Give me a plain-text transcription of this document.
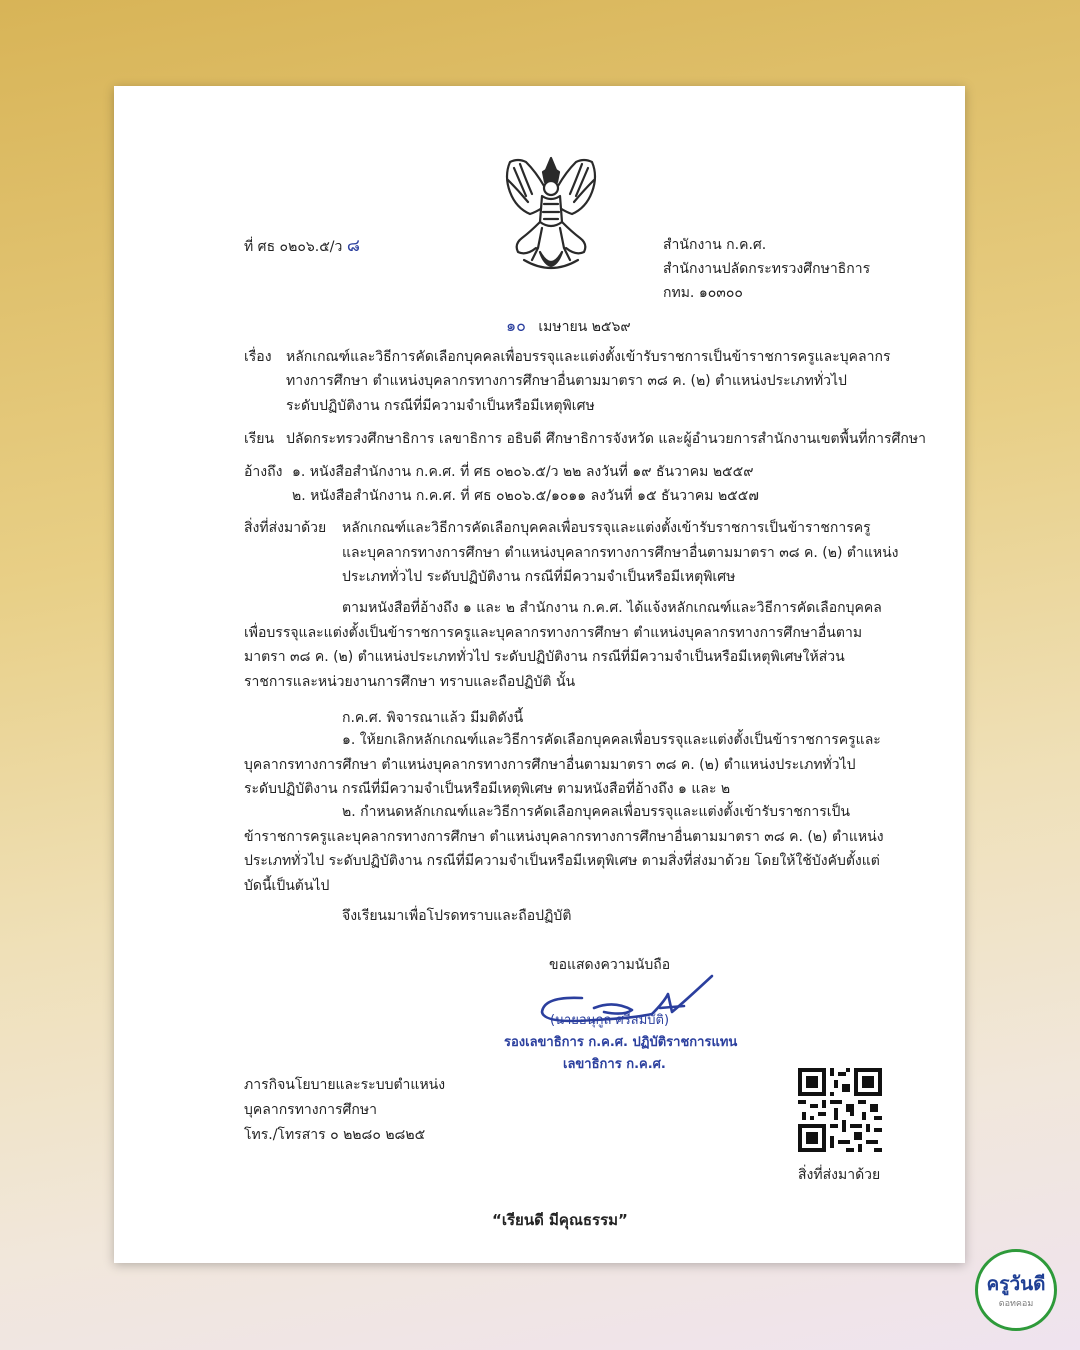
ที่ ศธ ๐๒๐๖.๕/ว ๘	สำนักงาน ก.ค.ศ.
สำนักงานปลัดกระทรวงศึกษาธิการ
กทม. ๑๐๓๐๐
๑๐ เมษายน ๒๕๖๙
เรื่อง หลักเกณฑ์และวิธีการคัดเลือกบุคคลเพื่อบรรจุและแต่งตั้งเข้ารับราชการเป็นข้าราชการครูและบุคลากร
ทางการศึกษา ตำแหน่งบุคลากรทางการศึกษาอื่นตามมาตรา ๓๘ ค. (๒) ตำแหน่งประเภททั่วไป
ระดับปฏิบัติงาน กรณีที่มีความจำเป็นหรือมีเหตุพิเศษ
เรียน ปลัดกระทรวงศึกษาธิการ เลขาธิการ อธิบดี ศึกษาธิการจังหวัด และผู้อำนวยการสำนักงานเขตพื้นที่การศึกษา
อ้างถึง ๑. หนังสือสำนักงาน ก.ค.ศ. ที่ ศธ ๐๒๐๖.๕/ว ๒๒ ลงวันที่ ๑๙ ธันวาคม ๒๕๕๙
๒. หนังสือสำนักงาน ก.ค.ศ. ที่ ศธ ๐๒๐๖.๕/๑๐๑๑ ลงวันที่ ๑๕ ธันวาคม ๒๕๕๗
สิ่งที่ส่งมาด้วย หลักเกณฑ์และวิธีการคัดเลือกบุคคลเพื่อบรรจุและแต่งตั้งเข้ารับราชการเป็นข้าราชการครู
และบุคลากรทางการศึกษา ตำแหน่งบุคลากรทางการศึกษาอื่นตามมาตรา ๓๘ ค. (๒) ตำแหน่ง
ประเภททั่วไป ระดับปฏิบัติงาน กรณีที่มีความจำเป็นหรือมีเหตุพิเศษ
ตามหนังสือที่อ้างถึง ๑ และ ๒ สำนักงาน ก.ค.ศ. ได้แจ้งหลักเกณฑ์และวิธีการคัดเลือกบุคคลเพื่อบรรจุและแต่งตั้งเป็นข้าราชการครูและบุคลากรทางการศึกษา ตำแหน่งบุคลากรทางการศึกษาอื่นตามมาตรา ๓๘ ค. (๒) ตำแหน่งประเภททั่วไป ระดับปฏิบัติงาน กรณีที่มีความจำเป็นหรือมีเหตุพิเศษให้ส่วนราชการและหน่วยงานการศึกษา ทราบและถือปฏิบัติ นั้น
ก.ค.ศ. พิจารณาแล้ว มีมติดังนี้
๑. ให้ยกเลิกหลักเกณฑ์และวิธีการคัดเลือกบุคคลเพื่อบรรจุและแต่งตั้งเป็นข้าราชการครูและบุคลากรทางการศึกษา ตำแหน่งบุคลากรทางการศึกษาอื่นตามมาตรา ๓๘ ค. (๒) ตำแหน่งประเภททั่วไประดับปฏิบัติงาน กรณีที่มีความจำเป็นหรือมีเหตุพิเศษ ตามหนังสือที่อ้างถึง ๑ และ ๒
๒. กำหนดหลักเกณฑ์และวิธีการคัดเลือกบุคคลเพื่อบรรจุและแต่งตั้งเข้ารับราชการเป็นข้าราชการครูและบุคลากรทางการศึกษา ตำแหน่งบุคลากรทางการศึกษาอื่นตามมาตรา ๓๘ ค. (๒) ตำแหน่งประเภททั่วไป ระดับปฏิบัติงาน กรณีที่มีความจำเป็นหรือมีเหตุพิเศษ ตามสิ่งที่ส่งมาด้วย โดยให้ใช้บังคับตั้งแต่บัดนี้เป็นต้นไป
จึงเรียนมาเพื่อโปรดทราบและถือปฏิบัติ
ขอแสดงความนับถือ
(นายอนุกูล ศรีสมบัติ)
รองเลขาธิการ ก.ค.ศ. ปฏิบัติราชการแทน
เลขาธิการ ก.ค.ศ.
ภารกิจนโยบายและระบบตำแหน่ง
บุคลากรทางการศึกษา
โทร./โทรสาร ๐ ๒๒๘๐ ๒๘๒๕
สิ่งที่ส่งมาด้วย
“เรียนดี มีคุณธรรม”
ครูวันดี
ดอทคอม
